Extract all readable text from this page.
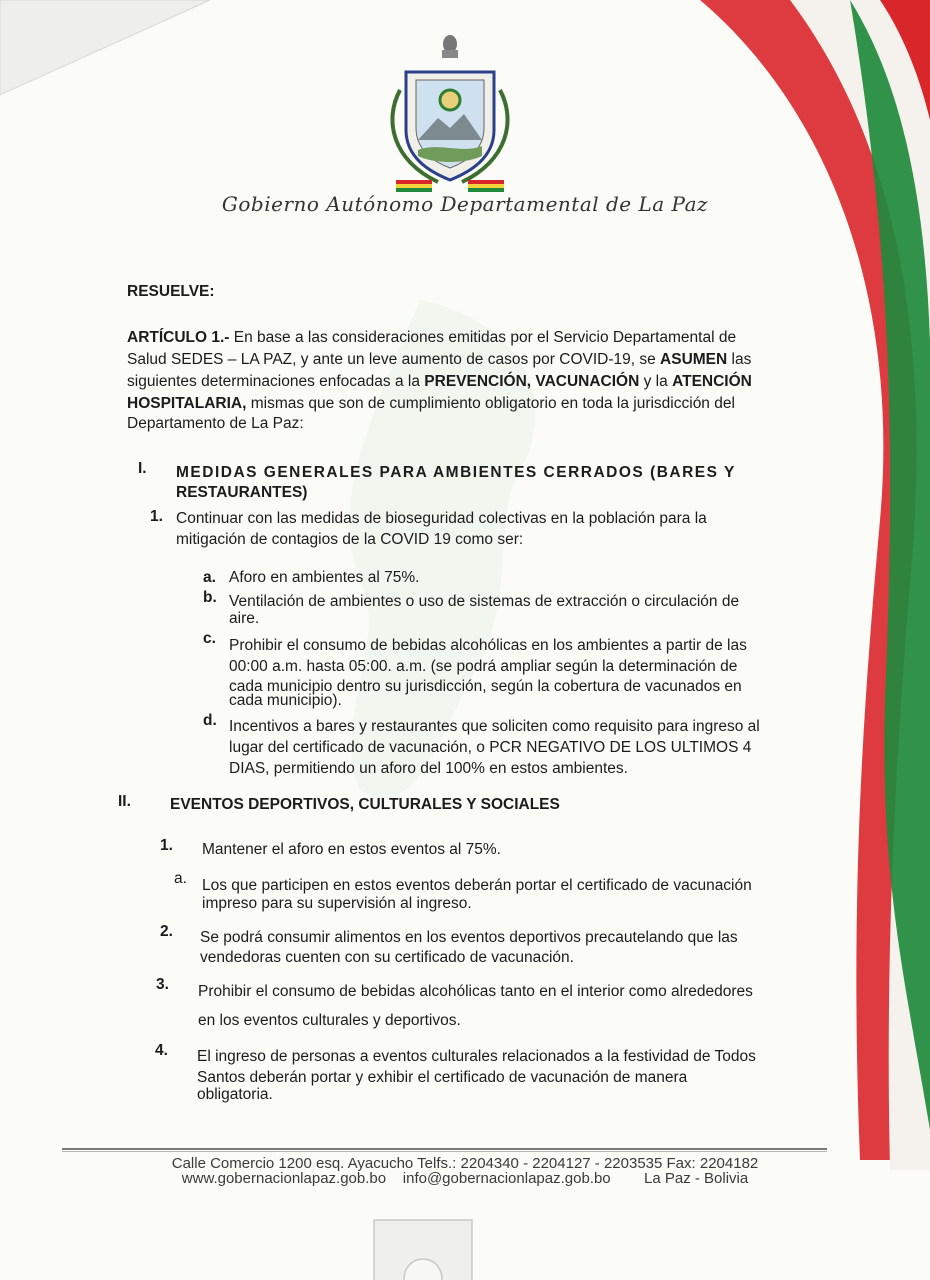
Gobierno Autónomo Departamental de La Paz
RESUELVE:
ARTÍCULO 1.- En base a las consideraciones emitidas por el Servicio Departamental de
Salud SEDES – LA PAZ, y ante un leve aumento de casos por COVID-19, se ASUMEN las
siguientes determinaciones enfocadas a la PREVENCIÓN, VACUNACIÓN y la ATENCIÓN
HOSPITALARIA, mismas que son de cumplimiento obligatorio en toda la jurisdicción del
Departamento de La Paz:
I. MEDIDAS GENERALES PARA AMBIENTES CERRADOS (BARES Y
RESTAURANTES)
1. Continuar con las medidas de bioseguridad colectivas en la población para la
mitigación de contagios de la COVID 19 como ser:
a. Aforo en ambientes al 75%.
b. Ventilación de ambientes o uso de sistemas de extracción o circulación de
aire.
c. Prohibir el consumo de bebidas alcohólicas en los ambientes a partir de las
00:00 a.m. hasta 05:00. a.m. (se podrá ampliar según la determinación de
cada municipio dentro su jurisdicción, según la cobertura de vacunados en
cada municipio).
d. Incentivos a bares y restaurantes que soliciten como requisito para ingreso al
lugar del certificado de vacunación, o PCR NEGATIVO DE LOS ULTIMOS 4
DIAS, permitiendo un aforo del 100% en estos ambientes.
II.	EVENTOS DEPORTIVOS, CULTURALES Y SOCIALES
1. Mantener el aforo en estos eventos al 75%.
a. Los que participen en estos eventos deberán portar el certificado de vacunación
impreso para su supervisión al ingreso.
2. Se podrá consumir alimentos en los eventos deportivos precautelando que las
vendedoras cuenten con su certificado de vacunación.
3. Prohibir el consumo de bebidas alcohólicas tanto en el interior como alrededores
en los eventos culturales y deportivos.
4. El ingreso de personas a eventos culturales relacionados a la festividad de Todos
Santos deberán portar y exhibir el certificado de vacunación de manera
obligatoria.
Calle Comercio 1200 esq. Ayacucho Telfs.: 2204340 - 2204127 - 2203535 Fax: 2204182
www.gobernacionlapaz.gob.bo info@gobernacionlapaz.gob.bo La Paz - Bolivia
